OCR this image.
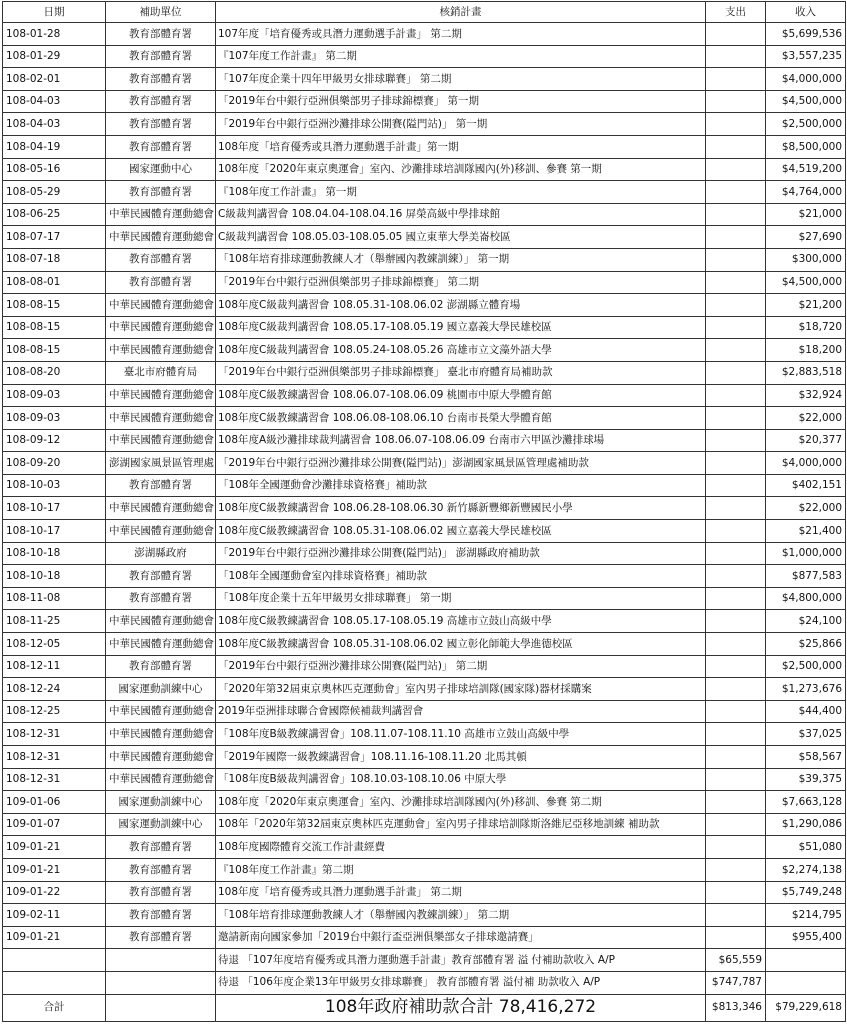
日期	補助單位	核銷計畫	支出	收入
108-01-28	教育部體育署	107年度「培育優秀或具潛力運動選手計畫」 第二期		$5,699,536
108-01-29	教育部體育署	『107年度工作計畫』 第二期		$3,557,235
108-02-01	教育部體育署	「107年度企業十四年甲級男女排球聯賽」 第二期		$4,000,000
108-04-03	教育部體育署	「2019年台中銀行亞洲俱樂部男子排球錦標賽」 第一期		$4,500,000
108-04-03	教育部體育署	「2019年台中銀行亞洲沙灘排球公開賽(隘門站)」 第一期		$2,500,000
108-04-19	教育部體育署	108年度「培育優秀或具潛力運動選手計畫」第一期		$8,500,000
108-05-16	國家運動中心	108年度「2020年東京奧運會」室內、沙灘排球培訓隊國內(外)移訓、參賽 第一期		$4,519,200
108-05-29	教育部體育署	『108年度工作計畫』 第一期		$4,764,000
108-06-25	中華民國體育運動總會	C級裁判講習會 108.04.04-108.04.16 屏榮高級中學排球館		$21,000
108-07-17	中華民國體育運動總會	C級裁判講習會 108.05.03-108.05.05 國立東華大學美崙校區		$27,690
108-07-18	教育部體育署	「108年培育排球運動教練人才（舉辦國內教練訓練）」 第一期		$300,000
108-08-01	教育部體育署	「2019年台中銀行亞洲俱樂部男子排球錦標賽」 第二期		$4,500,000
108-08-15	中華民國體育運動總會	108年度C級裁判講習會 108.05.31-108.06.02 澎湖縣立體育場		$21,200
108-08-15	中華民國體育運動總會	108年度C級裁判講習會 108.05.17-108.05.19 國立嘉義大學民雄校區		$18,720
108-08-15	中華民國體育運動總會	108年度C級裁判講習會 108.05.24-108.05.26 高雄市立文藻外語大學		$18,200
108-08-20	臺北市府體育局	「2019年台中銀行亞洲俱樂部男子排球錦標賽」 臺北市府體育局補助款		$2,883,518
108-09-03	中華民國體育運動總會	108年度C級教練講習會 108.06.07-108.06.09 桃園市中原大學體育館		$32,924
108-09-03	中華民國體育運動總會	108年度C級教練講習會 108.06.08-108.06.10 台南市長榮大學體育館		$22,000
108-09-12	中華民國體育運動總會	108年度A級沙灘排球裁判講習會 108.06.07-108.06.09 台南市六甲區沙灘排球場		$20,377
108-09-20	澎湖國家風景區管理處	「2019年台中銀行亞洲沙灘排球公開賽(隘門站)」澎湖國家風景區管理處補助款		$4,000,000
108-10-03	教育部體育署	「108年全國運動會沙灘排球資格賽」補助款		$402,151
108-10-17	中華民國體育運動總會	108年度C級教練講習會 108.06.28-108.06.30 新竹縣新豐鄉新豐國民小學		$22,000
108-10-17	中華民國體育運動總會	108年度C級教練講習會 108.05.31-108.06.02 國立嘉義大學民雄校區		$21,400
108-10-18	澎湖縣政府	「2019年台中銀行亞洲沙灘排球公開賽(隘門站)」 澎湖縣政府補助款		$1,000,000
108-10-18	教育部體育署	「108年全國運動會室內排球資格賽」補助款		$877,583
108-11-08	教育部體育署	「108年度企業十五年甲級男女排球聯賽」 第一期		$4,800,000
108-11-25	中華民國體育運動總會	108年度C級教練講習會 108.05.17-108.05.19 高雄市立鼓山高級中學		$24,100
108-12-05	中華民國體育運動總會	108年度C級教練講習會 108.05.31-108.06.02 國立彰化師範大學進德校區		$25,866
108-12-11	教育部體育署	「2019年台中銀行亞洲沙灘排球公開賽(隘門站)」 第二期		$2,500,000
108-12-24	國家運動訓練中心	「2020年第32屆東京奧林匹克運動會」室內男子排球培訓隊(國家隊)器材採購案		$1,273,676
108-12-25	中華民國體育運動總會	2019年亞洲排球聯合會國際候補裁判講習會		$44,400
108-12-31	中華民國體育運動總會	「108年度B級教練講習會」108.11.07-108.11.10 高雄市立鼓山高級中學		$37,025
108-12-31	中華民國體育運動總會	「2019年國際一級教練講習會」108.11.16-108.11.20 北馬其頓		$58,567
108-12-31	中華民國體育運動總會	「108年度B級裁判講習會」108.10.03-108.10.06 中原大學		$39,375
109-01-06	國家運動訓練中心	108年度「2020年東京奧運會」室內、沙灘排球培訓隊國內(外)移訓、參賽 第二期		$7,663,128
109-01-07	國家運動訓練中心	108年「2020年第32屆東京奧林匹克運動會」室內男子排球培訓隊斯洛維尼亞移地訓練 補助款		$1,290,086
109-01-21	教育部體育署	108年度國際體育交流工作計畫經費		$51,080
109-01-21	教育部體育署	『108年度工作計畫』第二期		$2,274,138
109-01-22	教育部體育署	108年度「培育優秀或具潛力運動選手計畫」 第二期		$5,749,248
109-02-11	教育部體育署	「108年培育排球運動教練人才（舉辦國內教練訓練）」 第二期		$214,795
109-01-21	教育部體育署	邀請新南向國家參加「2019台中銀行盃亞洲俱樂部女子排球邀請賽」		$955,400
		待退 「107年度培育優秀或具潛力運動選手計畫」教育部體育署 溢 付補助款收入 A/P	$65,559	
		待退 「106年度企業13年甲級男女排球聯賽」 教育部體育署 溢付補 助款收入 A/P	$747,787	
合計		108年政府補助款合計 78,416,272	$813,346	$79,229,618
